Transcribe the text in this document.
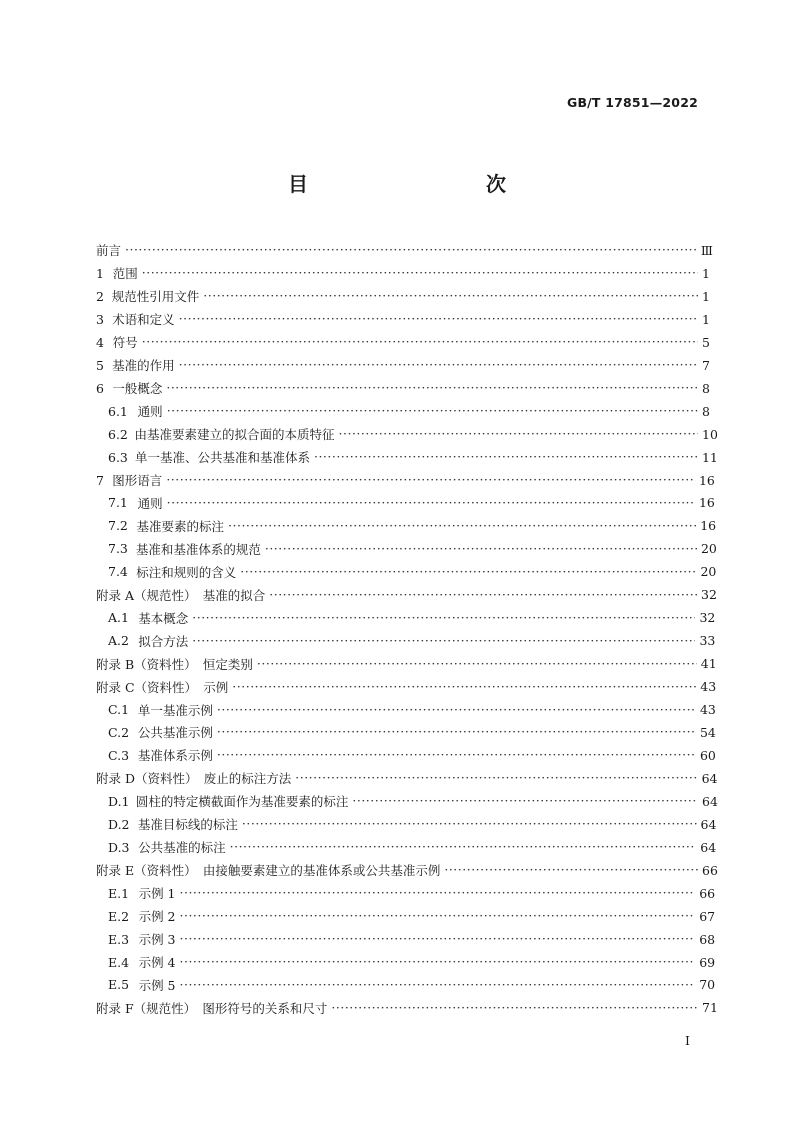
GB/T 17851—2022
目　　次
前言 ·····	Ⅲ
1 范围 ·····	1
2 规范性引用文件 ·····	1
3 术语和定义 ·····	1
4 符号 ·····	5
5 基准的作用 ·····	7
6 一般概念 ·····	8
6.1 通则 ·····	8
6.2 由基准要素建立的拟合面的本质特征 ·····	10
6.3 单一基准、公共基准和基准体系 ·····	11
7 图形语言 ·····	16
7.1 通则 ·····	16
7.2 基准要素的标注 ·····	16
7.3 基准和基准体系的规范 ·····	20
7.4 标注和规则的含义 ·····	20
附录 A（规范性）　基准的拟合 ·····	32
A.1 基本概念 ·····	32
A.2 拟合方法 ·····	33
附录 B（资料性）　恒定类别 ·····	41
附录 C（资料性）　示例 ·····	43
C.1 单一基准示例 ·····	43
C.2 公共基准示例 ·····	54
C.3 基准体系示例 ·····	60
附录 D（资料性）　废止的标注方法 ·····	64
D.1 圆柱的特定横截面作为基准要素的标注 ·····	64
D.2 基准目标线的标注 ·····	64
D.3 公共基准的标注 ·····	64
附录 E（资料性）　由接触要素建立的基准体系或公共基准示例 ·····	66
E.1 示例 1 ·····	66
E.2 示例 2 ·····	67
E.3 示例 3 ·····	68
E.4 示例 4 ·····	69
E.5 示例 5 ·····	70
附录 F（规范性）　图形符号的关系和尺寸 ·····	71
I
